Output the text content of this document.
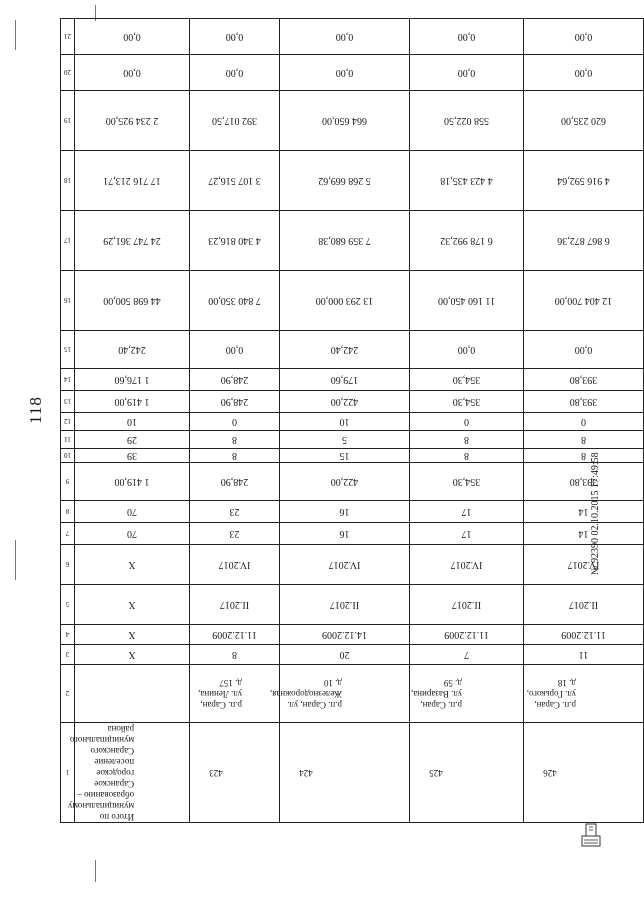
118
21	0,00	0,00	0,00	0,00	0,00

20	0,00	0,00	0,00	0,00	0,00

19	2 234 925,00	392 017,50	664 650,00	558 022,50	620 235,00

18	17 716 213,71	3 107 516,27	5 268 669,62	4 423 435,18	4 916 592,64

17	24 747 361,29	4 340 816,23	7 359 680,38	6 178 992,32	6 867 872,36

16	44 698 500,00	7 840 350,00	13 293 000,00	11 160 450,00	12 404 700,00

15	242,40	0,00	242,40	0,00	0,00

14	1 176,60	248,90	179,60	354,30	393,80

13	1 419,00	248,90	422,00	354,30	393,80

12	10	0	10	0	0

11	29	8	5	8	8

10	39	8	15	8	8

9	1 419,00	248,90	422,00	354,30	393,80

8	70	23	16	17	14

7	70	23	16	17	14

6	X	IV.2017	IV.2017	IV.2017	IV.2017

5	X	II.2017	II.2017	II.2017	II.2017

4	X	11.12.2009	14.12.2009	11.12.2009	11.12.2009

3	X	8	20	7	11

2		р.п. Саран, ул. Ленина, д. 157	р.п. Саран, ул. Железнодорожная, д. 10	р.п. Саран, ул. Вазарина, д. 59	р.п. Саран, ул. Горького, д. 18

1	Итого по муниципальному образованию – Саранское городское поселение Саранского муниципального района	423	424	425	426
№ 92390 02.10.2015 17:49:58
